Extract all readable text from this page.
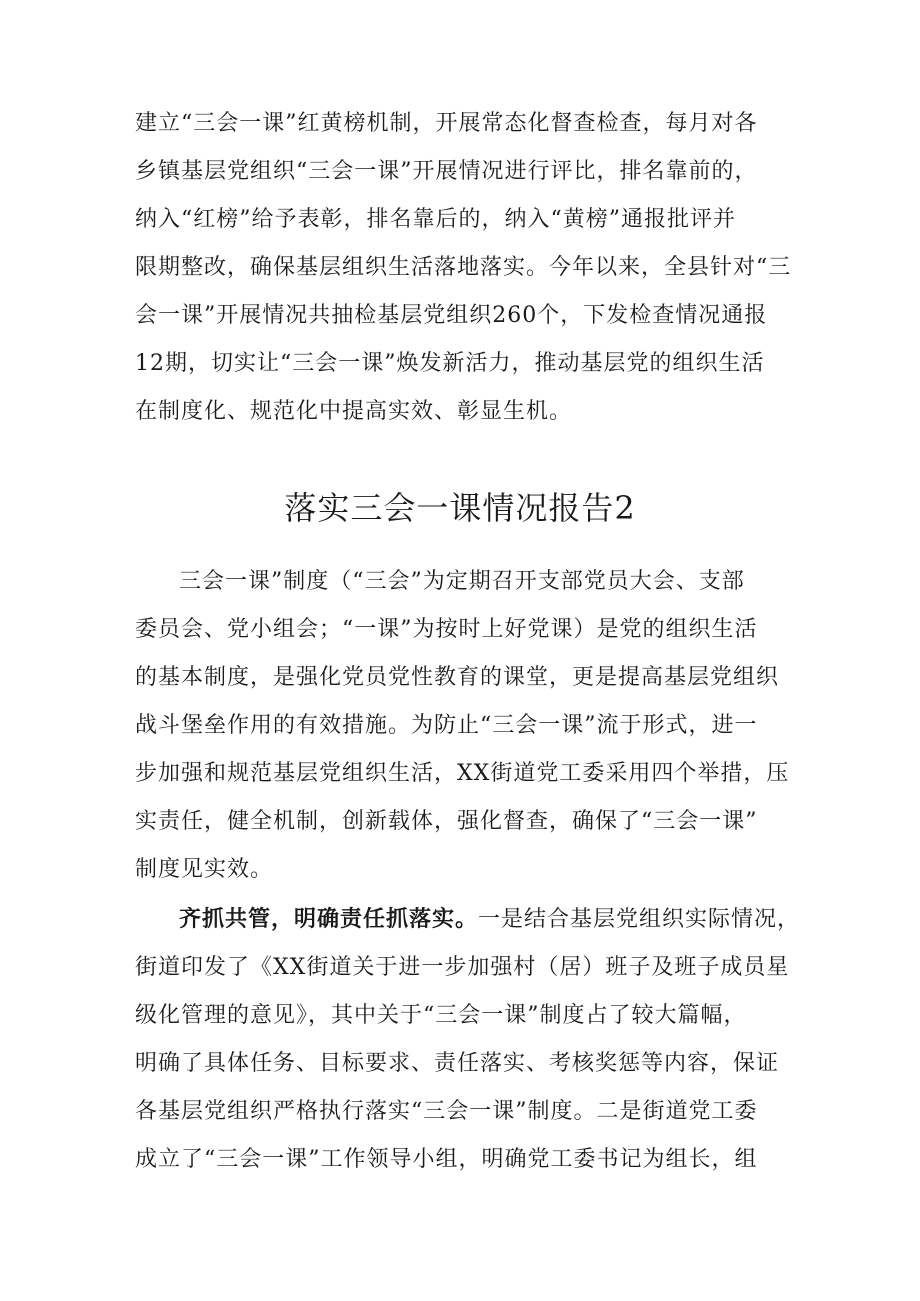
建立“三会一课”红黄榜机制，开展常态化督查检查，每月对各
乡镇基层党组织“三会一课”开展情况进行评比，排名靠前的，
纳入“红榜”给予表彰，排名靠后的，纳入“黄榜”通报批评并
限期整改，确保基层组织生活落地落实。今年以来，全县针对“三
会一课”开展情况共抽检基层党组织260个，下发检查情况通报
12期，切实让“三会一课”焕发新活力，推动基层党的组织生活
在制度化、规范化中提高实效、彰显生机。
落实三会一课情况报告2
三会一课”制度（“三会”为定期召开支部党员大会、支部
委员会、党小组会；“一课”为按时上好党课）是党的组织生活
的基本制度，是强化党员党性教育的课堂，更是提高基层党组织
战斗堡垒作用的有效措施。为防止“三会一课”流于形式，进一
步加强和规范基层党组织生活，XX街道党工委采用四个举措，压
实责任，健全机制，创新载体，强化督查，确保了“三会一课”
制度见实效。
齐抓共管，明确责任抓落实。一是结合基层党组织实际情况，
街道印发了《XX街道关于进一步加强村（居）班子及班子成员星
级化管理的意见》，其中关于“三会一课”制度占了较大篇幅，
明确了具体任务、目标要求、责任落实、考核奖惩等内容，保证
各基层党组织严格执行落实“三会一课”制度。二是街道党工委
成立了“三会一课”工作领导小组，明确党工委书记为组长，组
